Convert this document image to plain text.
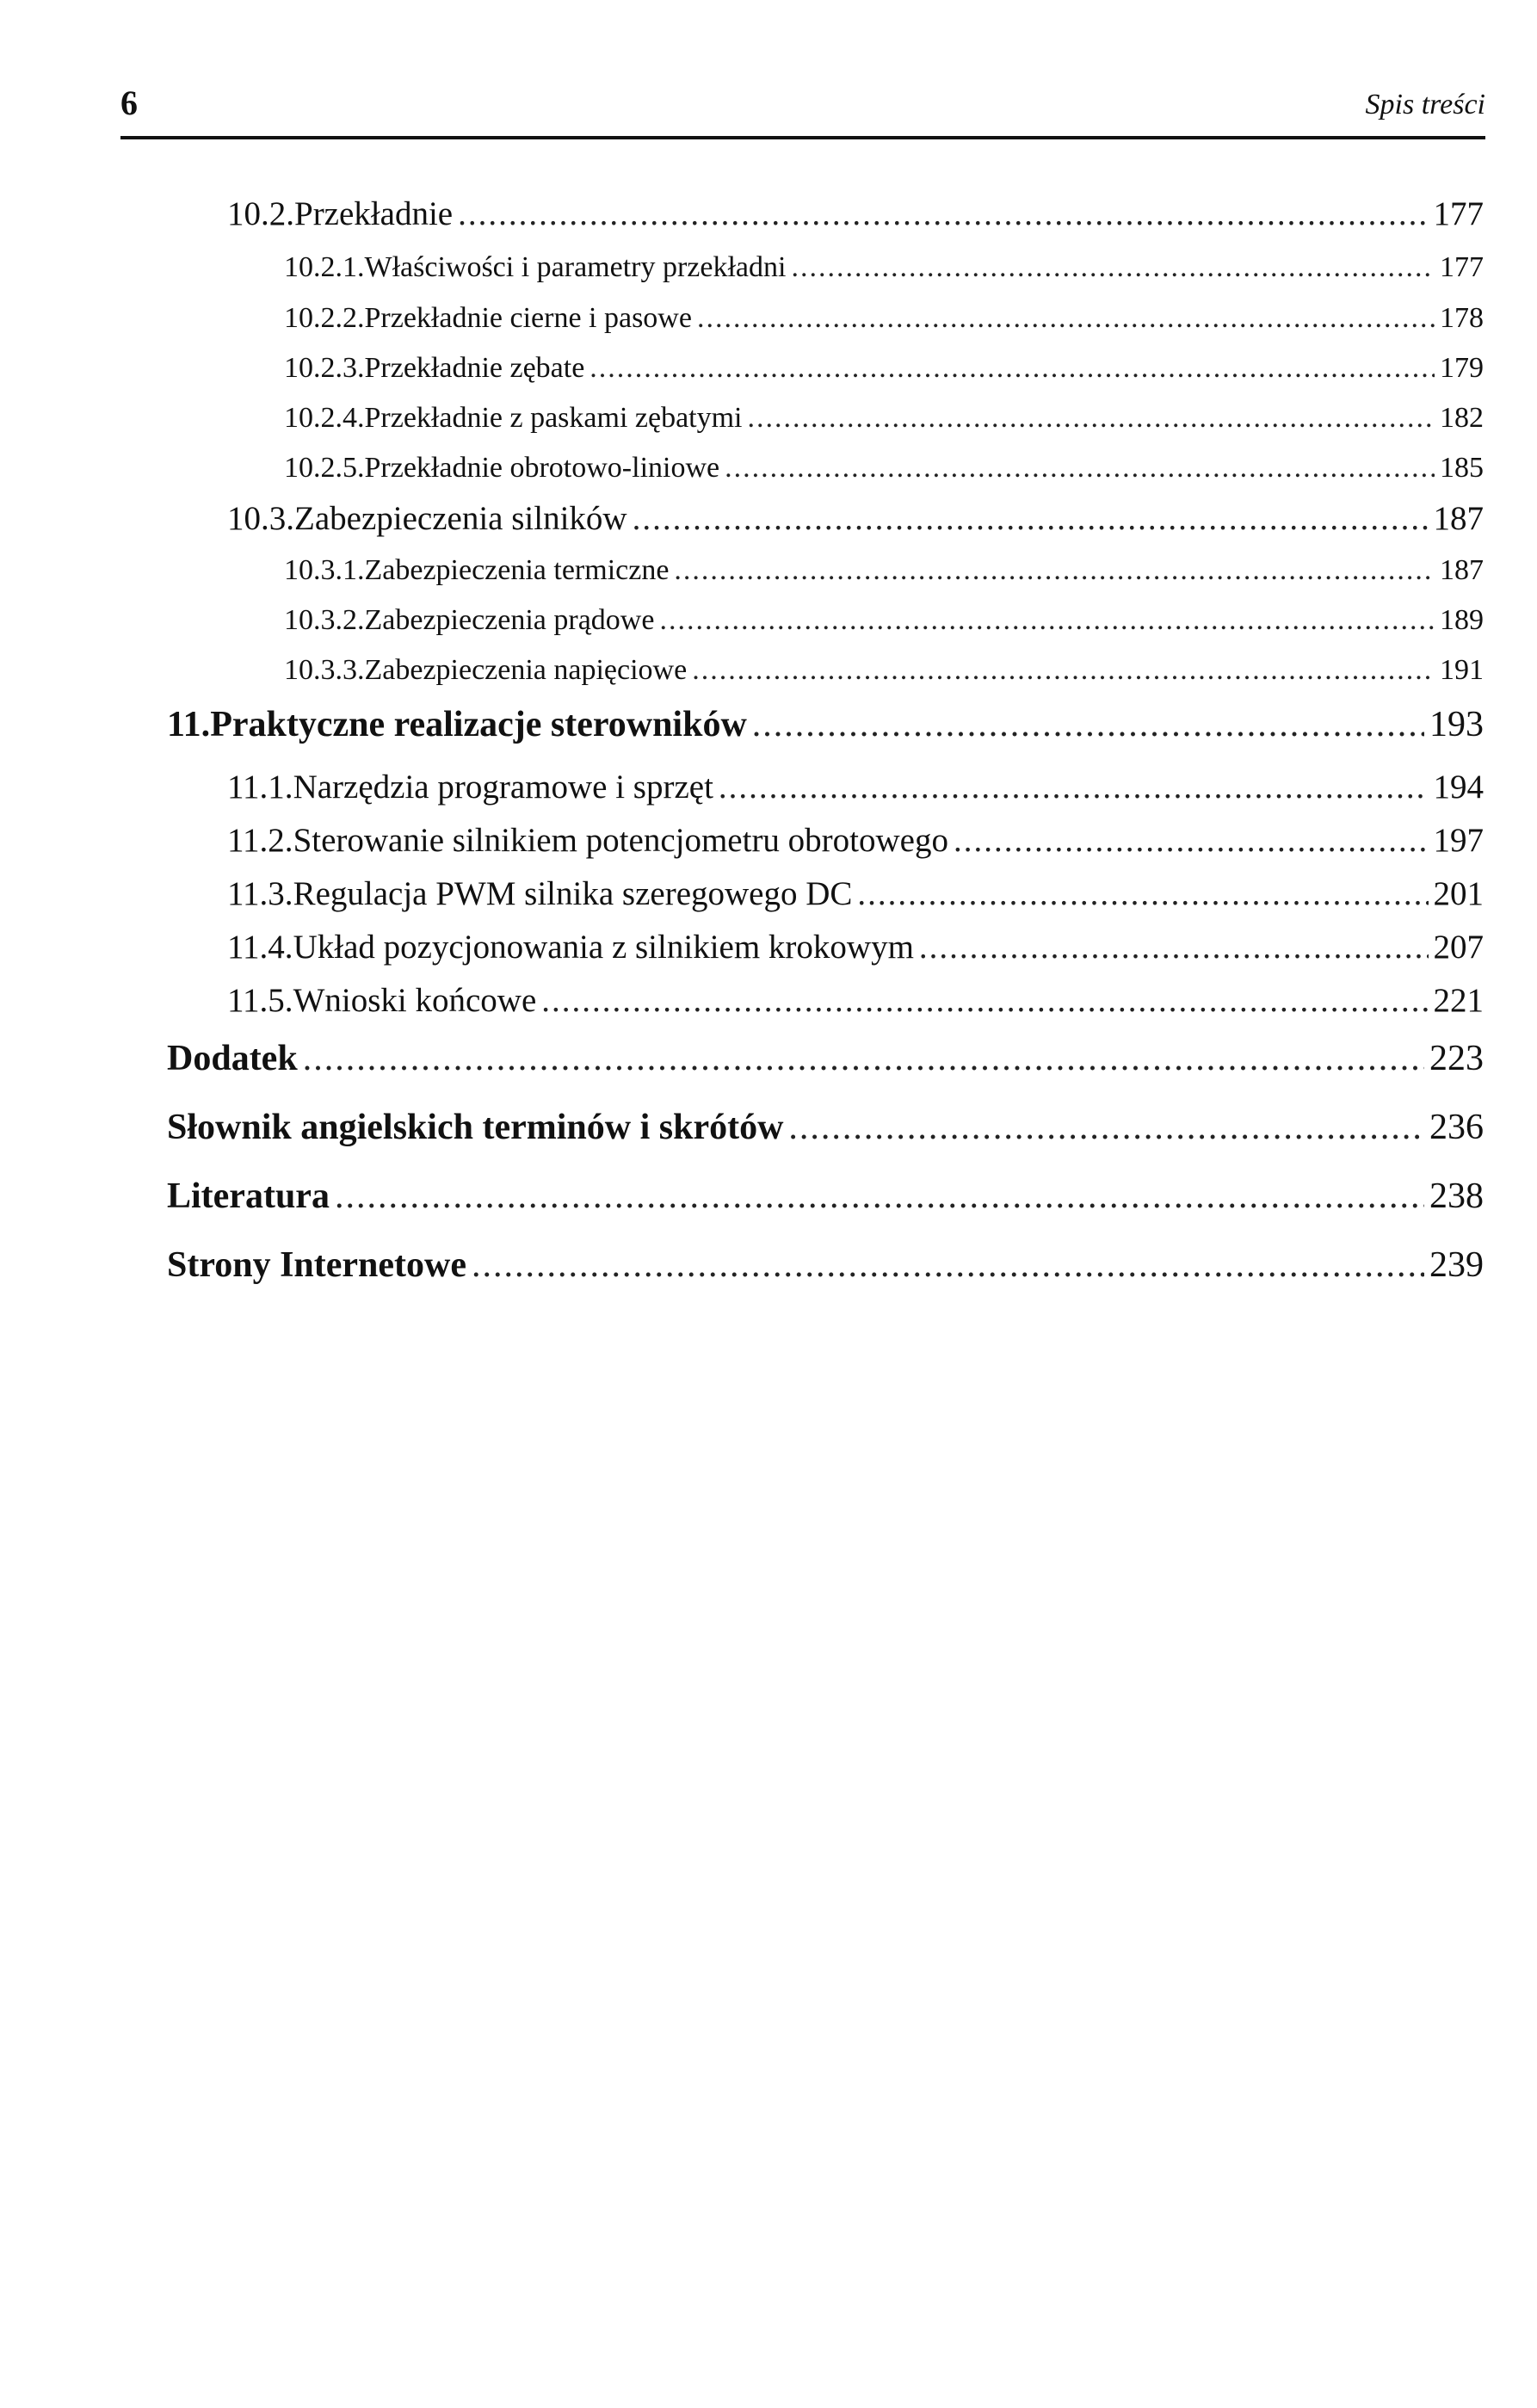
6	Spis treści
10.2. Przekładnie .....	177
10.2.1. Właściwości i parametry przekładni .....	177
10.2.2. Przekładnie cierne i pasowe .....	178
10.2.3. Przekładnie zębate .....	179
10.2.4. Przekładnie z paskami zębatymi .....	182
10.2.5. Przekładnie obrotowo-liniowe .....	185
10.3. Zabezpieczenia silników .....	187
10.3.1. Zabezpieczenia termiczne .....	187
10.3.2. Zabezpieczenia prądowe .....	189
10.3.3. Zabezpieczenia napięciowe .....	191
11. Praktyczne realizacje sterowników .....	193
11.1. Narzędzia programowe i sprzęt .....	194
11.2. Sterowanie silnikiem potencjometru obrotowego .....	197
11.3. Regulacja PWM silnika szeregowego DC .....	201
11.4. Układ pozycjonowania z silnikiem krokowym .....	207
11.5. Wnioski końcowe .....	221
Dodatek .....	223
Słownik angielskich terminów i skrótów .....	236
Literatura .....	238
Strony Internetowe .....	239
